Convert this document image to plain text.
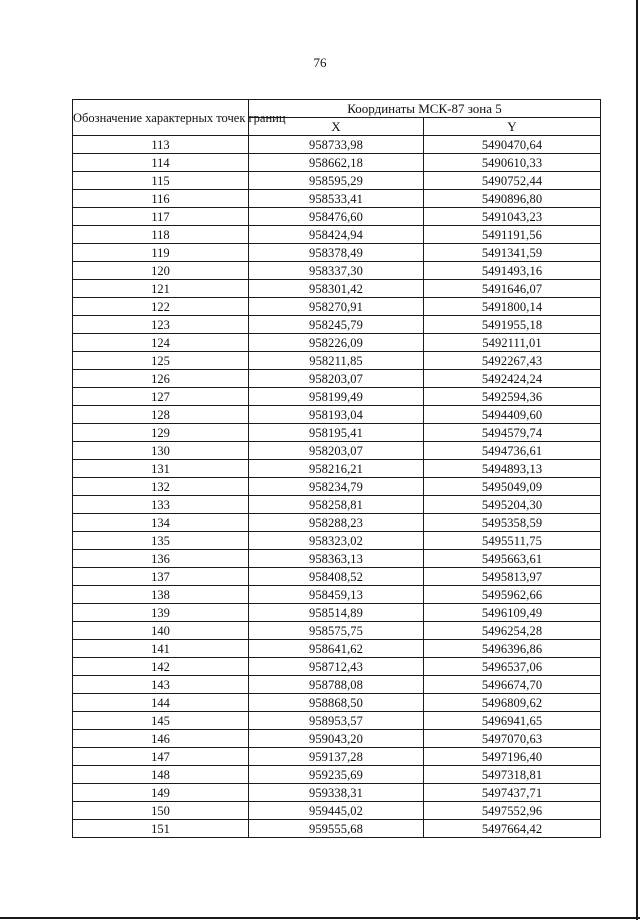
76
Обозначение характерных точек границ	Координаты МСК-87 зона 5	
	X	Y
113	958733,98	5490470,64
114	958662,18	5490610,33
115	958595,29	5490752,44
116	958533,41	5490896,80
117	958476,60	5491043,23
118	958424,94	5491191,56
119	958378,49	5491341,59
120	958337,30	5491493,16
121	958301,42	5491646,07
122	958270,91	5491800,14
123	958245,79	5491955,18
124	958226,09	5492111,01
125	958211,85	5492267,43
126	958203,07	5492424,24
127	958199,49	5492594,36
128	958193,04	5494409,60
129	958195,41	5494579,74
130	958203,07	5494736,61
131	958216,21	5494893,13
132	958234,79	5495049,09
133	958258,81	5495204,30
134	958288,23	5495358,59
135	958323,02	5495511,75
136	958363,13	5495663,61
137	958408,52	5495813,97
138	958459,13	5495962,66
139	958514,89	5496109,49
140	958575,75	5496254,28
141	958641,62	5496396,86
142	958712,43	5496537,06
143	958788,08	5496674,70
144	958868,50	5496809,62
145	958953,57	5496941,65
146	959043,20	5497070,63
147	959137,28	5497196,40
148	959235,69	5497318,81
149	959338,31	5497437,71
150	959445,02	5497552,96
151	959555,68	5497664,42
